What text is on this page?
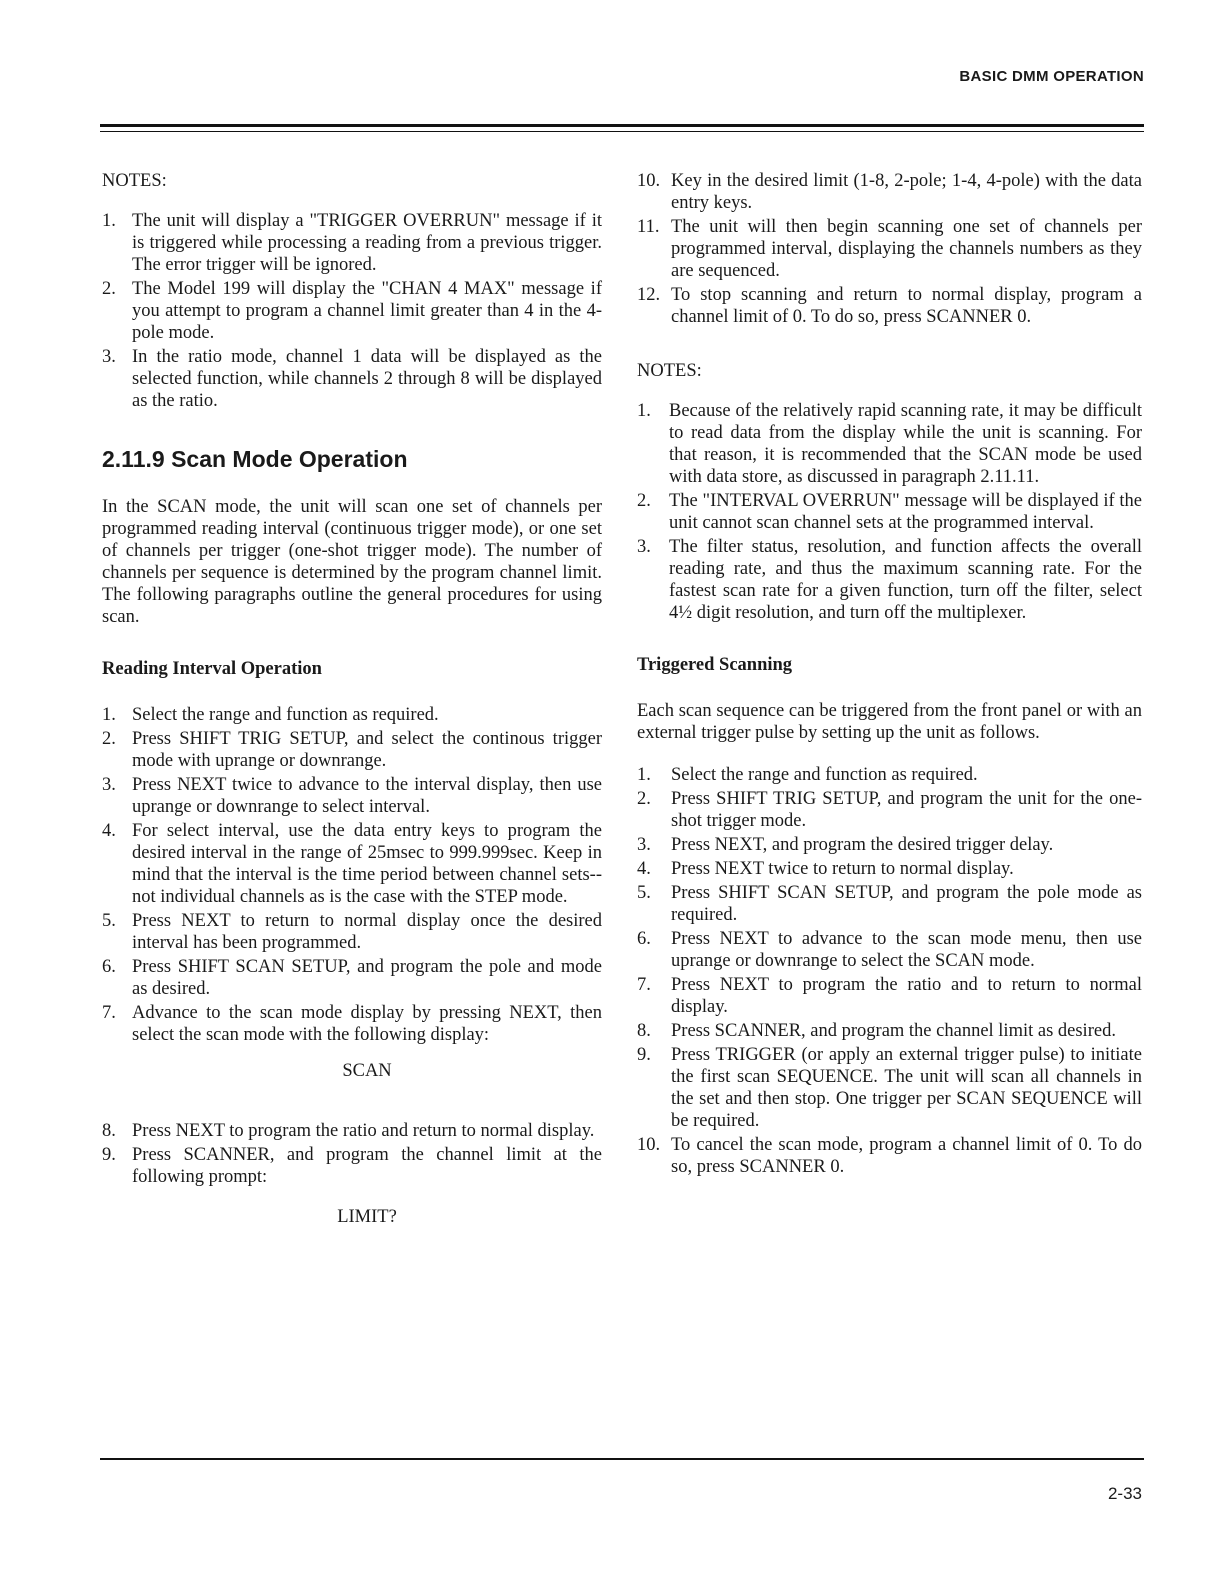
BASIC DMM OPERATION
NOTES:
1. The unit will display a "TRIGGER OVERRUN" message if it is triggered while processing a reading from a previous trigger. The error trigger will be ignored.
2. The Model 199 will display the "CHAN 4 MAX" message if you attempt to program a channel limit greater than 4 in the 4-pole mode.
3. In the ratio mode, channel 1 data will be displayed as the selected function, while channels 2 through 8 will be displayed as the ratio.
2.11.9 Scan Mode Operation

In the SCAN mode, the unit will scan one set of channels per programmed reading interval (continuous trigger mode), or one set of channels per trigger (one-shot trigger mode). The number of channels per sequence is determined by the program channel limit. The following paragraphs outline the general procedures for using scan.

Reading Interval Operation
1. Select the range and function as required.
2. Press SHIFT TRIG SETUP, and select the continous trigger mode with uprange or downrange.
3. Press NEXT twice to advance to the interval display, then use uprange or downrange to select interval.
4. For select interval, use the data entry keys to program the desired interval in the range of 25msec to 999.999sec. Keep in mind that the interval is the time period between channel sets-- not individual channels as is the case with the STEP mode.
5. Press NEXT to return to normal display once the desired interval has been programmed.
6. Press SHIFT SCAN SETUP, and program the pole and mode as desired.
7. Advance to the scan mode display by pressing NEXT, then select the scan mode with the following display:
SCAN
8. Press NEXT to program the ratio and return to normal display.
9. Press SCANNER, and program the channel limit at the following prompt:
LIMIT?
10. Key in the desired limit (1-8, 2-pole; 1-4, 4-pole) with the data entry keys.
11. The unit will then begin scanning one set of channels per programmed interval, displaying the channels numbers as they are sequenced.
12. To stop scanning and return to normal display, program a channel limit of 0. To do so, press SCANNER 0.
NOTES:
1. Because of the relatively rapid scanning rate, it may be difficult to read data from the display while the unit is scanning. For that reason, it is recommended that the SCAN mode be used with data store, as discussed in paragraph 2.11.11.
2. The "INTERVAL OVERRUN" message will be displayed if the unit cannot scan channel sets at the programmed interval.
3. The filter status, resolution, and function affects the overall reading rate, and thus the maximum scanning rate. For the fastest scan rate for a given function, turn off the filter, select 4½ digit resolution, and turn off the multiplexer.
Triggered Scanning

Each scan sequence can be triggered from the front panel or with an external trigger pulse by setting up the unit as follows.

1. Select the range and function as required.
2. Press SHIFT TRIG SETUP, and program the unit for the one-shot trigger mode.
3. Press NEXT, and program the desired trigger delay.
4. Press NEXT twice to return to normal display.
5. Press SHIFT SCAN SETUP, and program the pole mode as required.
6. Press NEXT to advance to the scan mode menu, then use uprange or downrange to select the SCAN mode.
7. Press NEXT to program the ratio and to return to normal display.
8. Press SCANNER, and program the channel limit as desired.
9. Press TRIGGER (or apply an external trigger pulse) to initiate the first scan SEQUENCE. The unit will scan all channels in the set and then stop. One trigger per SCAN SEQUENCE will be required.
10. To cancel the scan mode, program a channel limit of 0. To do so, press SCANNER 0.
2-33
